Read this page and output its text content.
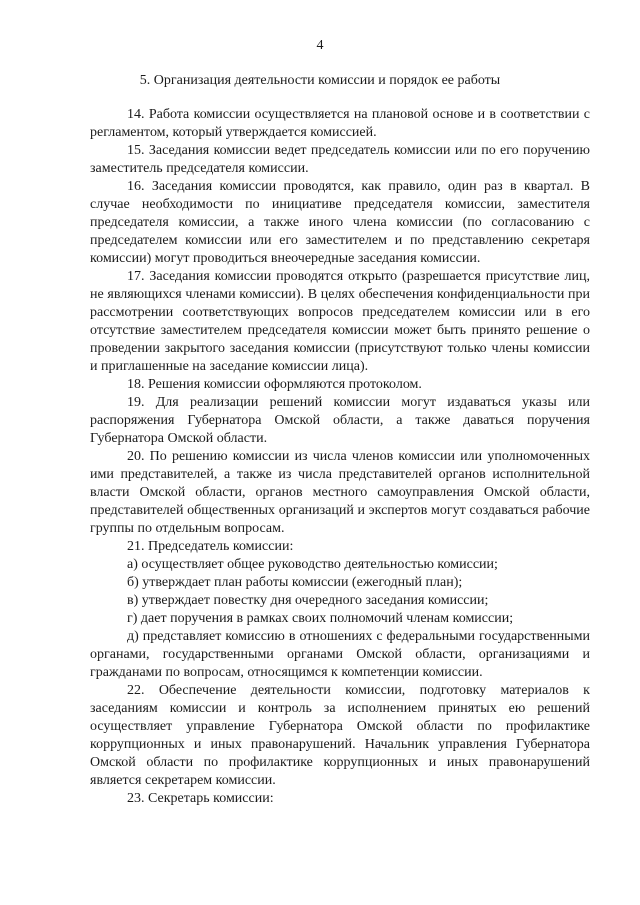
4
5. Организация деятельности комиссии и порядок ее работы

14. Работа комиссии осуществляется на плановой основе и в соответствии с регламентом, который утверждается комиссией.

15. Заседания комиссии ведет председатель комиссии или по его поручению заместитель председателя комиссии.

16. Заседания комиссии проводятся, как правило, один раз в квартал. В случае необходимости по инициативе председателя комиссии, заместителя председателя комиссии, а также иного члена комиссии (по согласованию с председателем комиссии или его заместителем и по представлению секретаря комиссии) могут проводиться внеочередные заседания комиссии.

17. Заседания комиссии проводятся открыто (разрешается присутствие лиц, не являющихся членами комиссии). В целях обеспечения конфиденциальности при рассмотрении соответствующих вопросов председателем комиссии или в его отсутствие заместителем председателя комиссии может быть принято решение о проведении закрытого заседания комиссии (присутствуют только члены комиссии и приглашенные на заседание комиссии лица).

18. Решения комиссии оформляются протоколом.

19. Для реализации решений комиссии могут издаваться указы или распоряжения Губернатора Омской области, а также даваться поручения Губернатора Омской области.

20. По решению комиссии из числа членов комиссии или уполномоченных ими представителей, а также из числа представителей органов исполнительной власти Омской области, органов местного самоуправления Омской области, представителей общественных организаций и экспертов могут создаваться рабочие группы по отдельным вопросам.

21. Председатель комиссии:

а) осуществляет общее руководство деятельностью комиссии;

б) утверждает план работы комиссии (ежегодный план);

в) утверждает повестку дня очередного заседания комиссии;

г) дает поручения в рамках своих полномочий членам комиссии;

д) представляет комиссию в отношениях с федеральными государственными органами, государственными органами Омской области, организациями и гражданами по вопросам, относящимся к компетенции комиссии.

22. Обеспечение деятельности комиссии, подготовку материалов к заседаниям комиссии и контроль за исполнением принятых ею решений осуществляет управление Губернатора Омской области по профилактике коррупционных и иных правонарушений. Начальник управления Губернатора Омской области по профилактике коррупционных и иных правонарушений является секретарем комиссии.

23. Секретарь комиссии:
